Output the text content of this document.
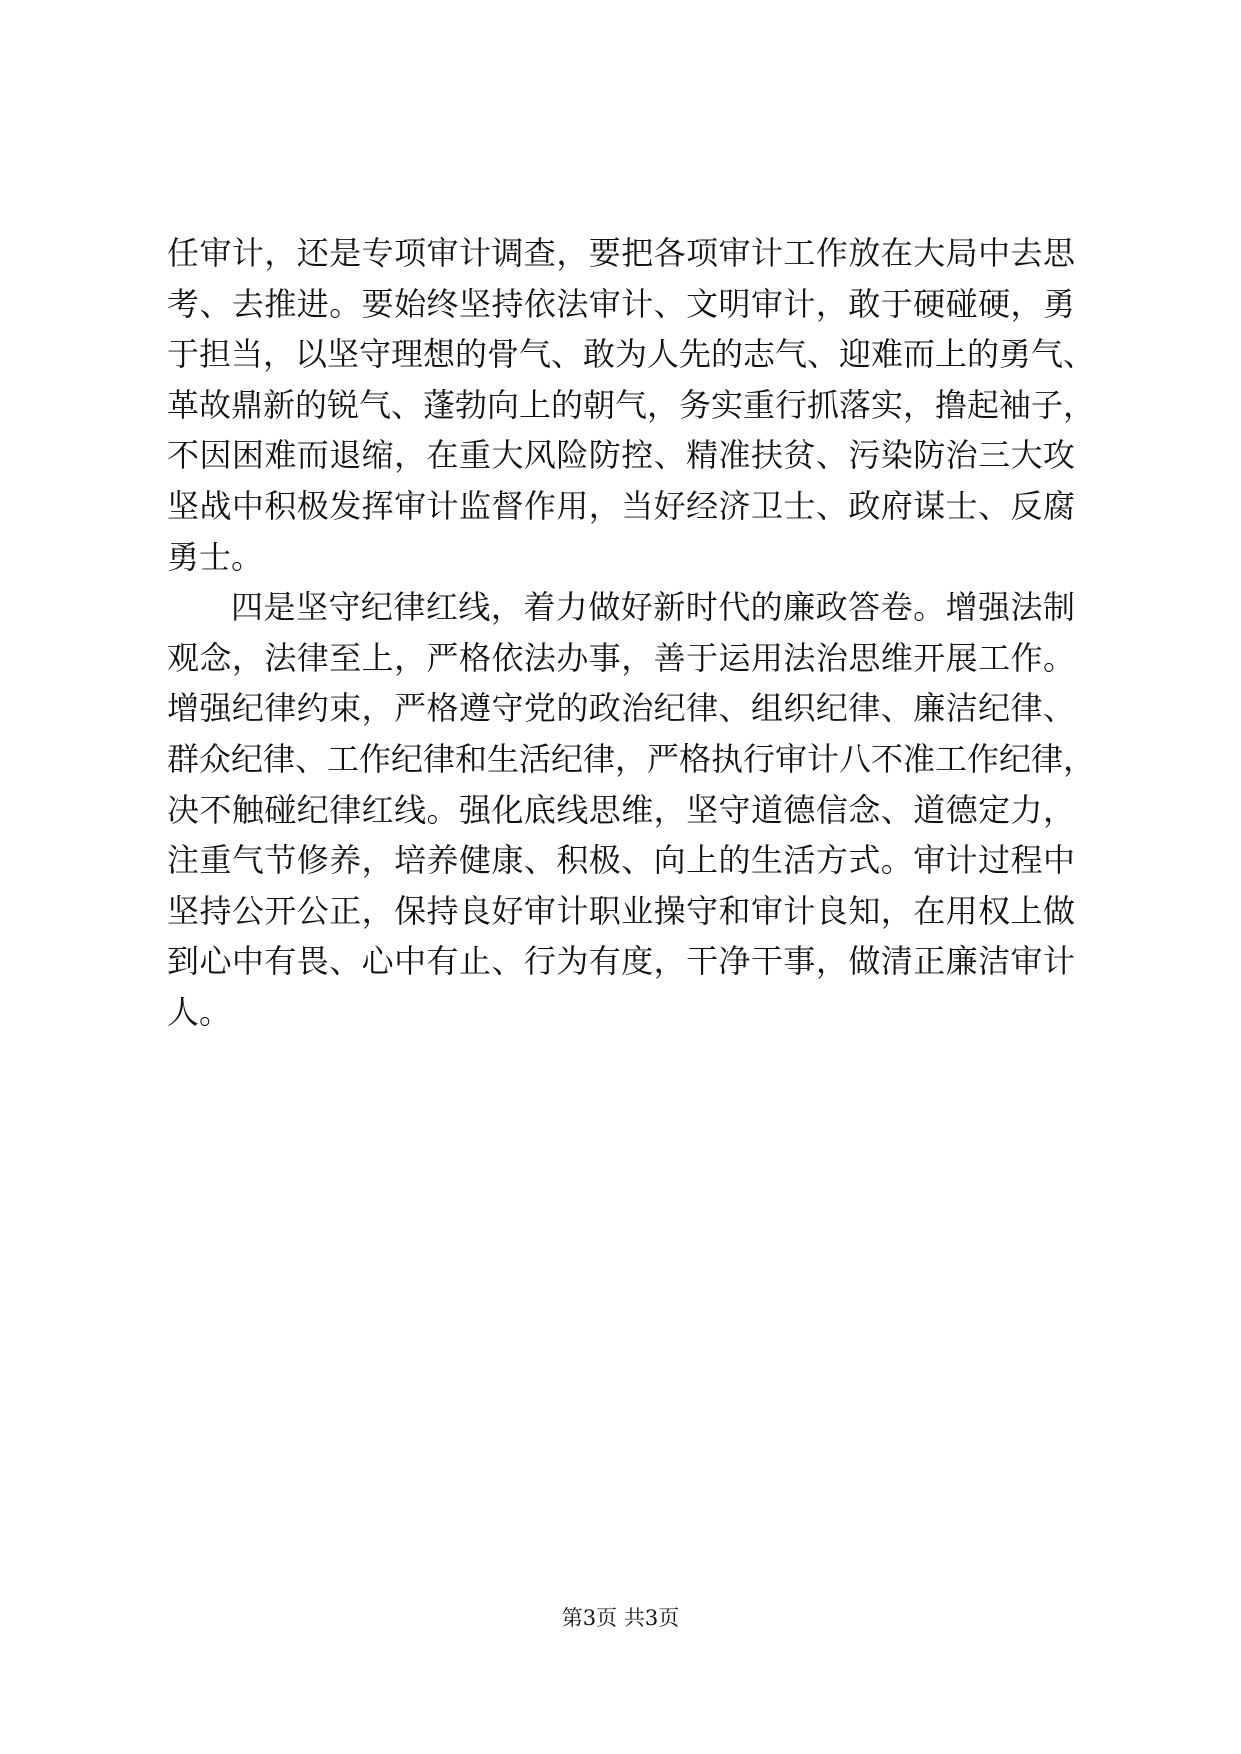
任审计，还是专项审计调查，要把各项审计工作放在大局中去思
考、去推进。要始终坚持依法审计、文明审计，敢于硬碰硬，勇
于担当，以坚守理想的骨气、敢为人先的志气、迎难而上的勇气、
革故鼎新的锐气、蓬勃向上的朝气，务实重行抓落实，撸起袖子，
不因困难而退缩，在重大风险防控、精准扶贫、污染防治三大攻
坚战中积极发挥审计监督作用，当好经济卫士、政府谋士、反腐
勇士。
四是坚守纪律红线，着力做好新时代的廉政答卷。增强法制
观念，法律至上，严格依法办事，善于运用法治思维开展工作。
增强纪律约束，严格遵守党的政治纪律、组织纪律、廉洁纪律、
群众纪律、工作纪律和生活纪律，严格执行审计八不准工作纪律，
决不触碰纪律红线。强化底线思维，坚守道德信念、道德定力，
注重气节修养，培养健康、积极、向上的生活方式。审计过程中
坚持公开公正，保持良好审计职业操守和审计良知，在用权上做
到心中有畏、心中有止、行为有度，干净干事，做清正廉洁审计
人。
第3页 共3页
